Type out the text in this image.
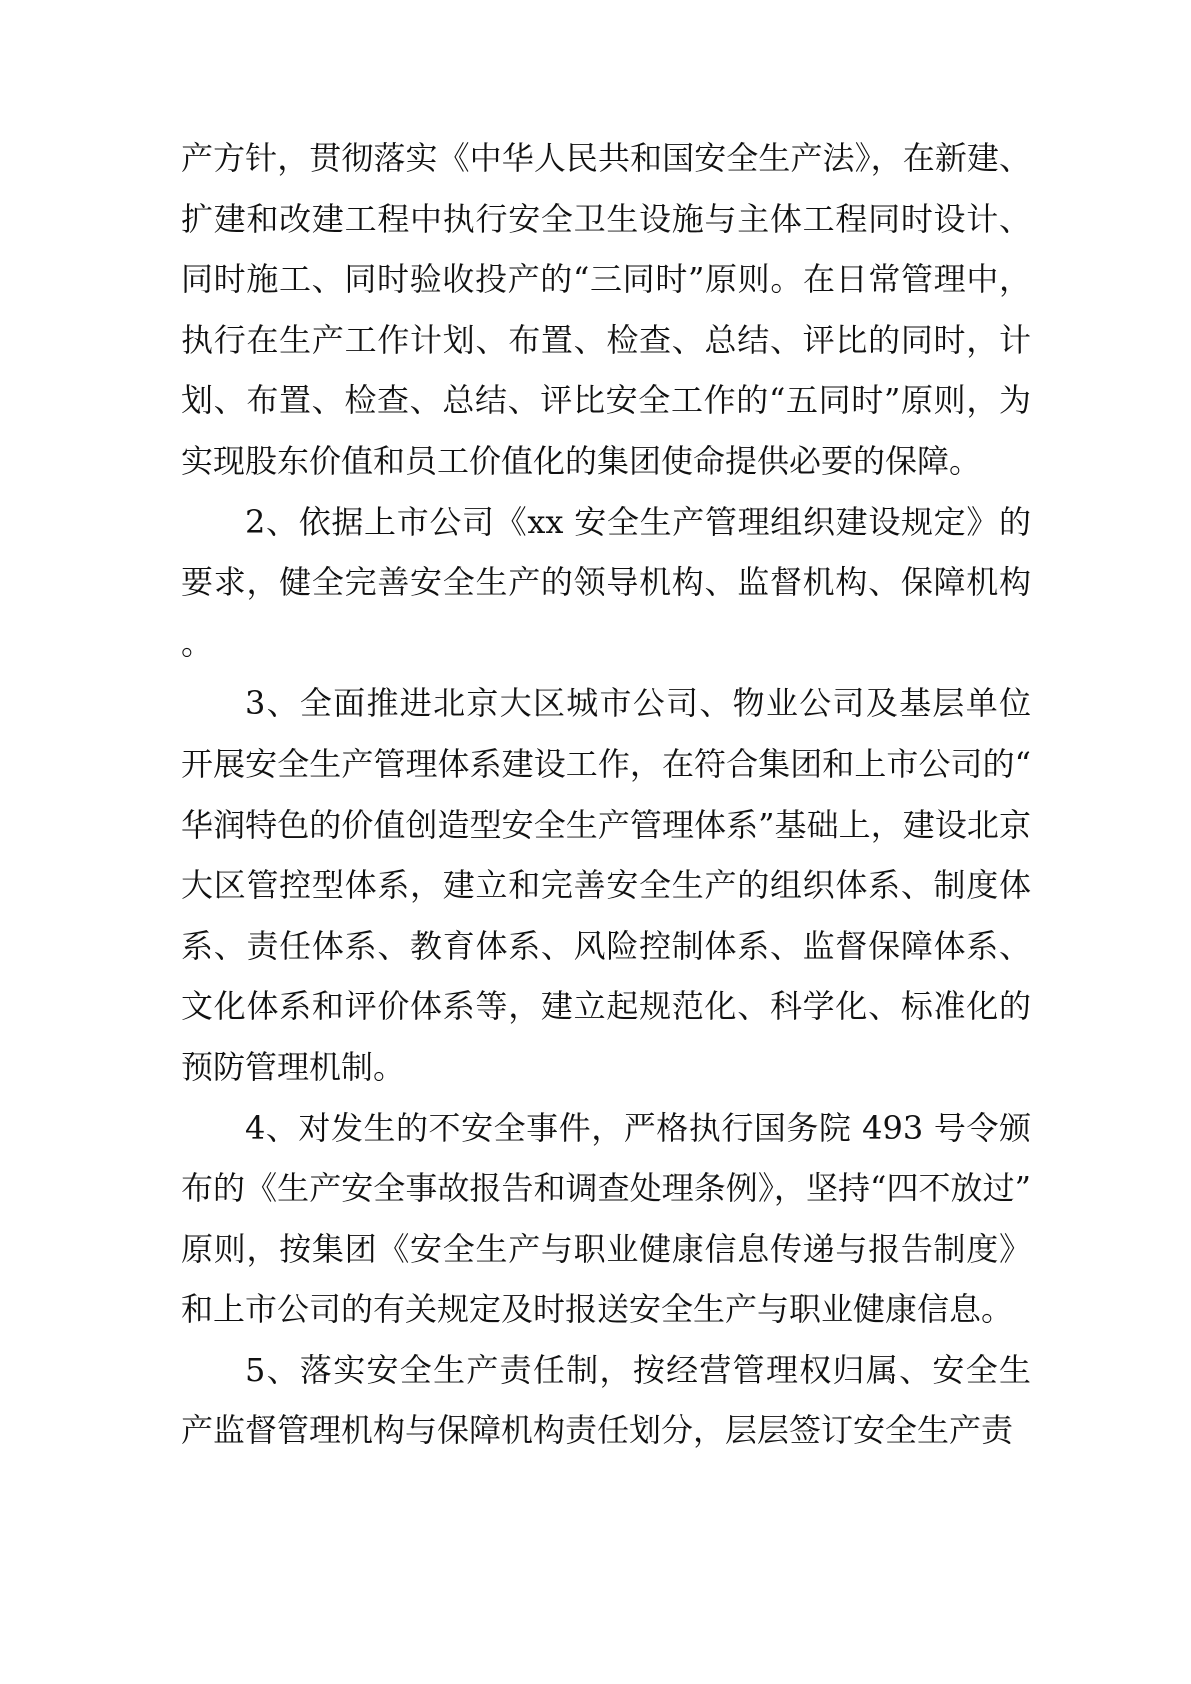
产方针，贯彻落实《中华人民共和国安全生产法》，在新建、扩建和改建工程中执行安全卫生设施与主体工程同时设计、同时施工、同时验收投产的“三同时”原则。在日常管理中，执行在生产工作计划、布置、检查、总结、评比的同时，计划、布置、检查、总结、评比安全工作的“五同时”原则，为实现股东价值和员工价值化的集团使命提供必要的保障。

2、依据上市公司《xx 安全生产管理组织建设规定》的要求，健全完善安全生产的领导机构、监督机构、保障机构。

3、全面推进北京大区城市公司、物业公司及基层单位开展安全生产管理体系建设工作，在符合集团和上市公司的“华润特色的价值创造型安全生产管理体系”基础上，建设北京大区管控型体系，建立和完善安全生产的组织体系、制度体系、责任体系、教育体系、风险控制体系、监督保障体系、文化体系和评价体系等，建立起规范化、科学化、标准化的预防管理机制。

4、对发生的不安全事件，严格执行国务院 493 号令颁布的《生产安全事故报告和调查处理条例》，坚持“四不放过”原则，按集团《安全生产与职业健康信息传递与报告制度》和上市公司的有关规定及时报送安全生产与职业健康信息。

5、落实安全生产责任制，按经营管理权归属、安全生产监督管理机构与保障机构责任划分，层层签订安全生产责
